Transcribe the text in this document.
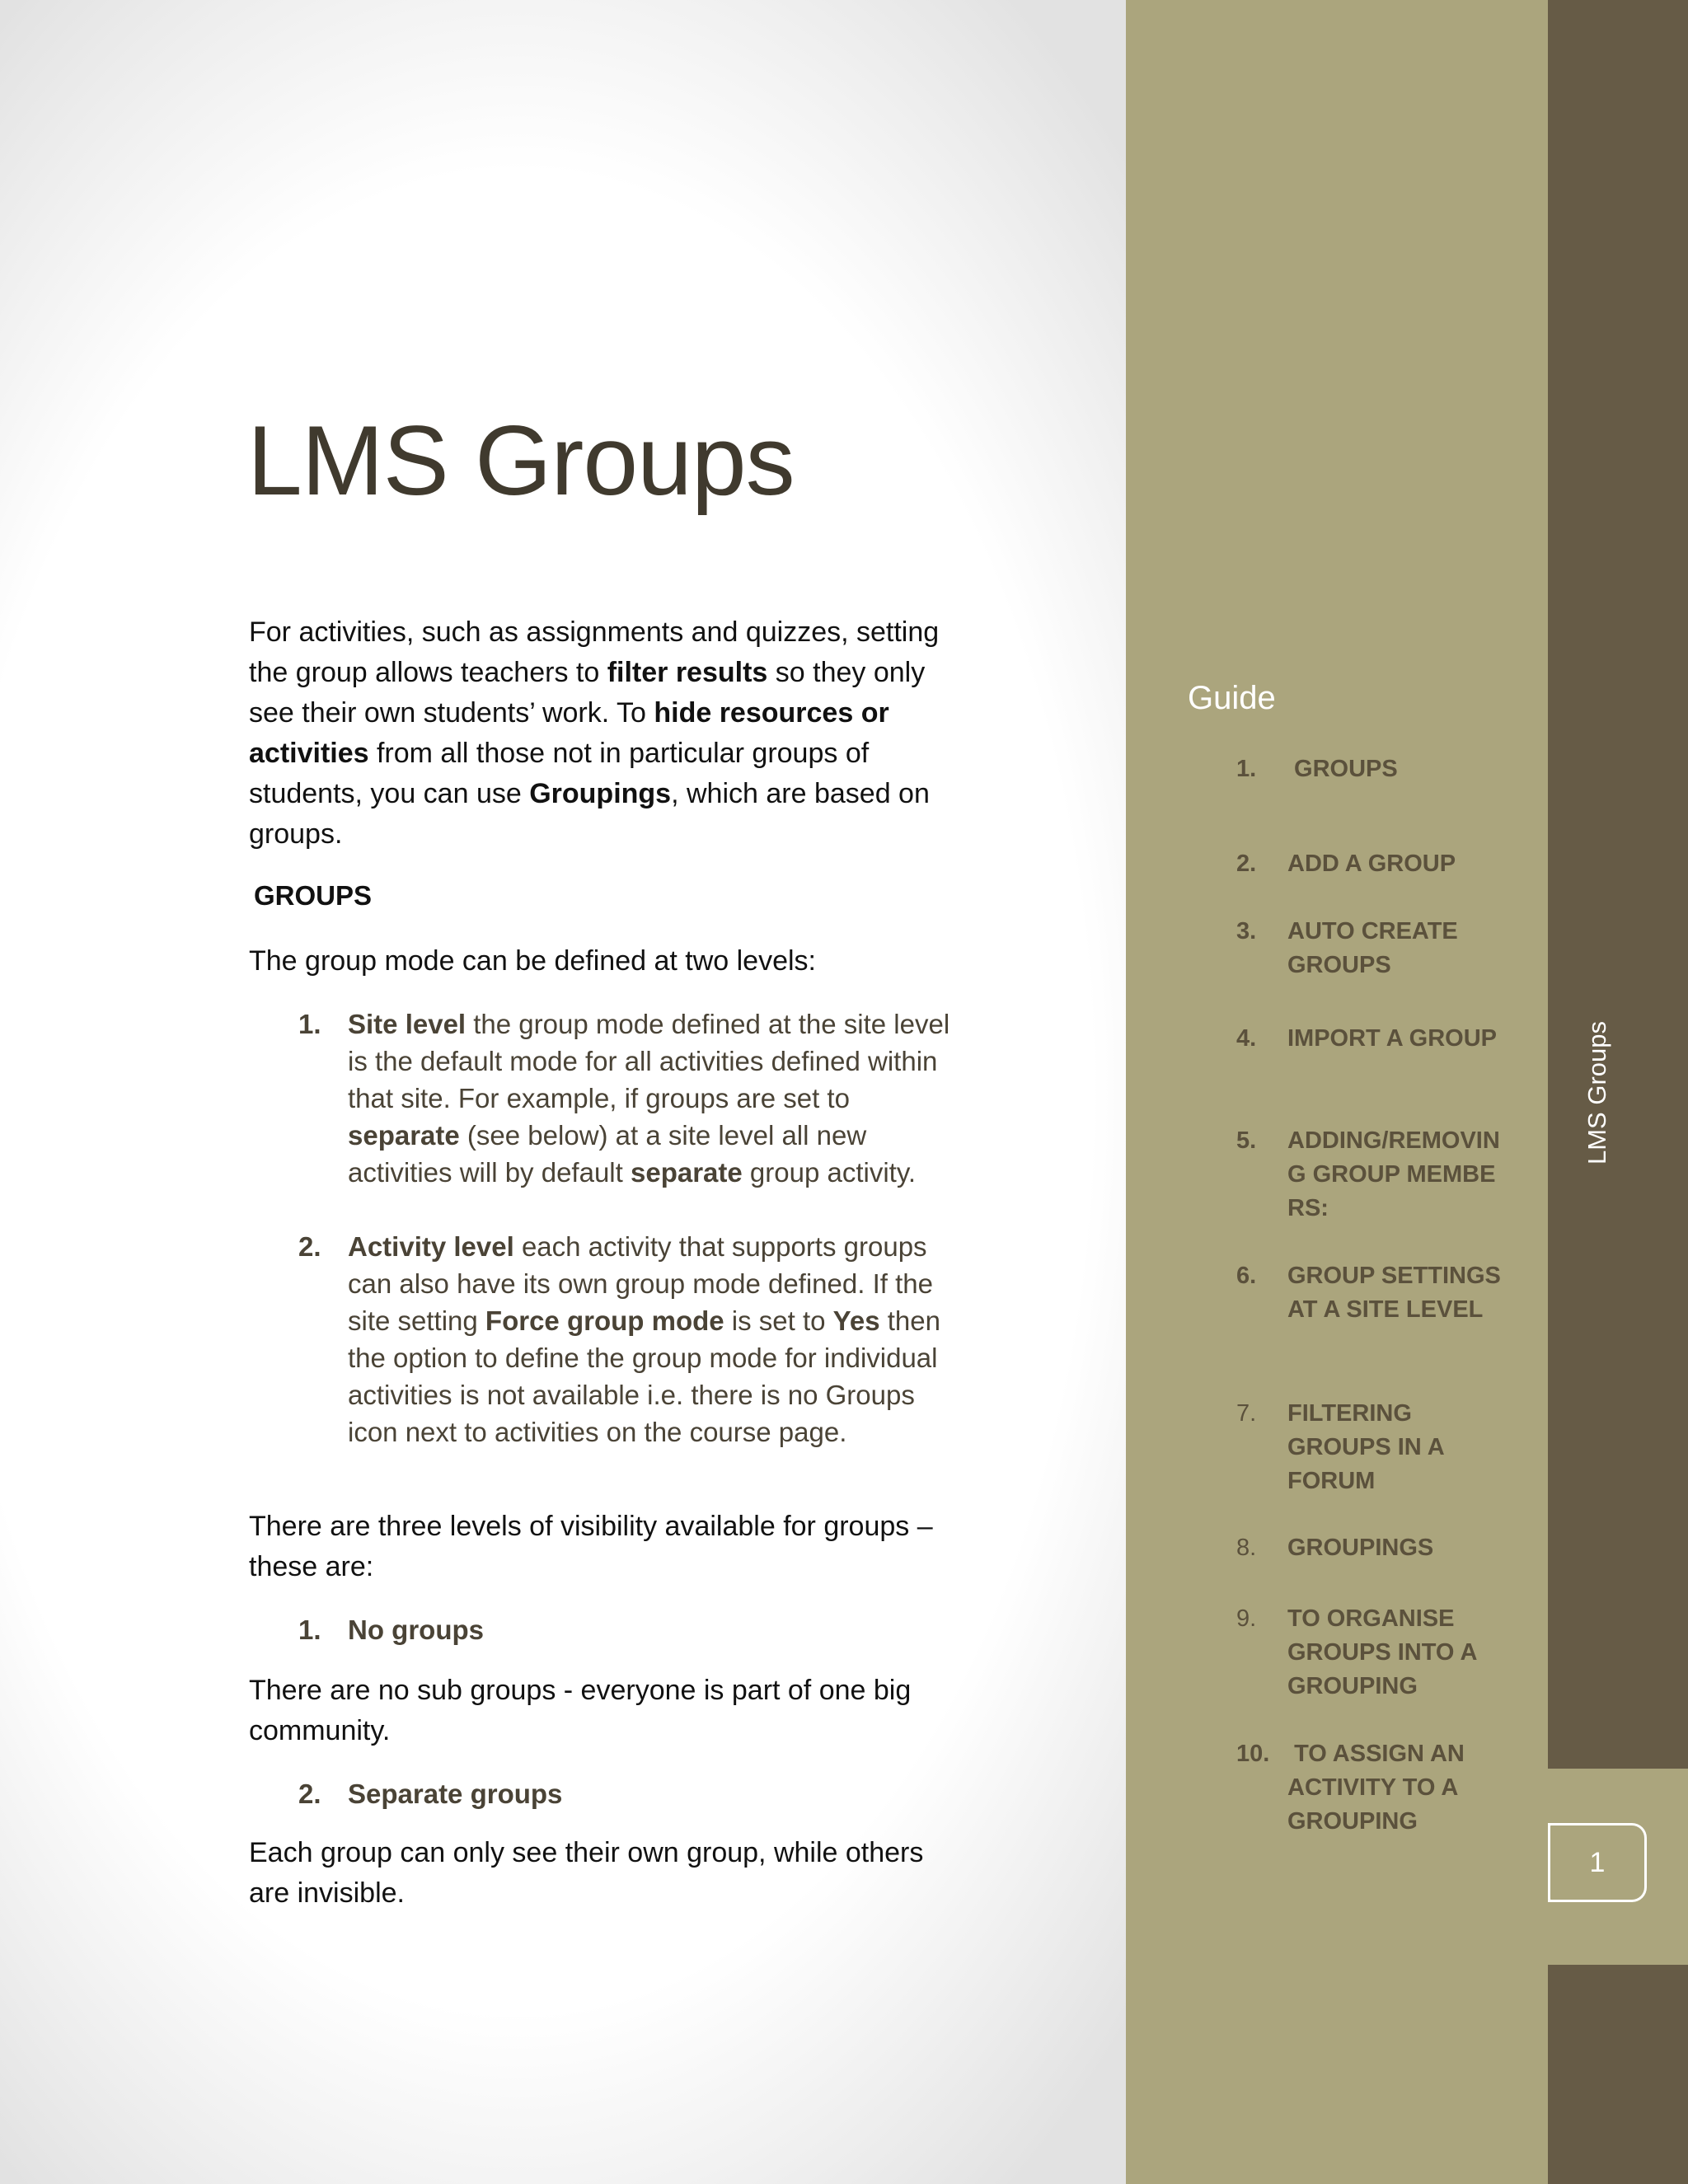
LMS Groups
1
LMS Groups

For activities, such as assignments and quizzes, setting the group allows teachers to filter results so they only see their own students’ work. To hide resources or activities from all those not in particular groups of students, you can use Groupings, which are based on groups.

GROUPS

The group mode can be defined at two levels:

1. Site level the group mode defined at the site level is the default mode for all activities defined within that site. For example, if groups are set to separate (see below) at a site level all new activities will by default separate group activity.
2. Activity level each activity that supports groups can also have its own group mode defined. If the site setting Force group mode is set to Yes then the option to define the group mode for individual activities is not available i.e. there is no Groups icon next to activities on the course page.

There are three levels of visibility available for groups – these are:

1. No groups

There are no sub groups - everyone is part of one big community.

2. Separate groups

Each group can only see their own group, while others are invisible.

Guide
1. GROUPS
2. ADD A GROUP
3. AUTO CREATE GROUPS
4. IMPORT A GROUP
5. ADDING/REMOVING GROUP MEMBERS:
6. GROUP SETTINGS AT A SITE LEVEL
7. FILTERING GROUPS IN A FORUM
8. GROUPINGS
9. TO ORGANISE GROUPS INTO A GROUPING
10. TO ASSIGN AN ACTIVITY TO A GROUPING
